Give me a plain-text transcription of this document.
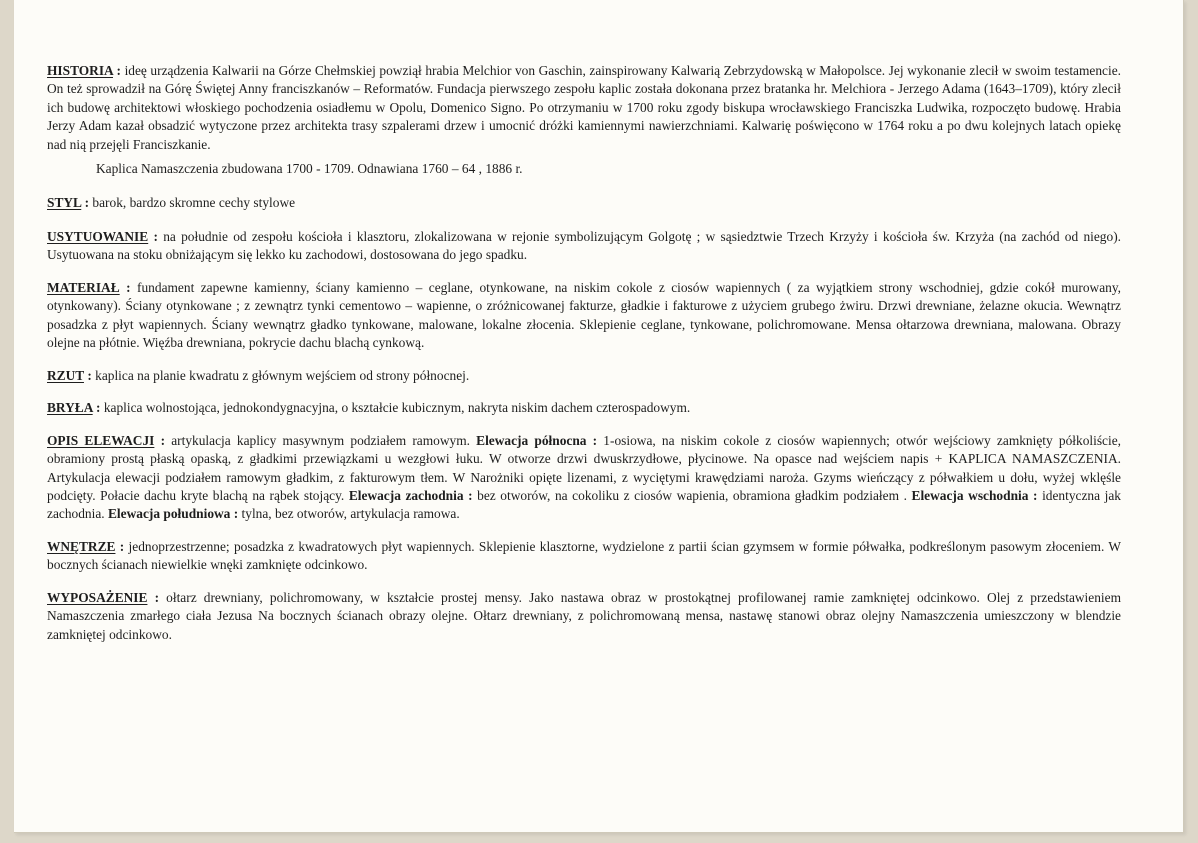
HISTORIA : ideę urządzenia Kalwarii na Górze Chełmskiej powziął hrabia Melchior von Gaschin, zainspirowany Kalwarią Zebrzydowską w Małopolsce. Jej wykonanie zlecił w swoim testamencie. On też sprowadził na Górę Świętej Anny franciszkanów – Reformatów. Fundacja pierwszego zespołu kaplic została dokonana przez bratanka hr. Melchiora - Jerzego Adama (1643–1709), który zlecił ich budowę architektowi włoskiego pochodzenia osiadłemu w Opolu, Domenico Signo. Po otrzymaniu w 1700 roku zgody biskupa wrocławskiego Franciszka Ludwika, rozpoczęto budowę. Hrabia Jerzy Adam kazał obsadzić wytyczone przez architekta trasy szpalerami drzew i umocnić dróżki kamiennymi nawierzchniami. Kalwarię poświęcono w 1764 roku a po dwu kolejnych latach opiekę nad nią przejęli Franciszkanie.

Kaplica Namaszczenia zbudowana 1700 - 1709. Odnawiana 1760 – 64 , 1886 r.

STYL : barok, bardzo skromne cechy stylowe

USYTUOWANIE : na południe od zespołu kościoła i klasztoru, zlokalizowana w rejonie symbolizującym Golgotę ; w sąsiedztwie Trzech Krzyży i kościoła św. Krzyża (na zachód od niego). Usytuowana na stoku obniżającym się lekko ku zachodowi, dostosowana do jego spadku.

MATERIAŁ : fundament zapewne kamienny, ściany kamienno – ceglane, otynkowane, na niskim cokole z ciosów wapiennych ( za wyjątkiem strony wschodniej, gdzie cokół murowany, otynkowany). Ściany otynkowane ; z zewnątrz tynki cementowo – wapienne, o zróżnicowanej fakturze, gładkie i fakturowe z użyciem grubego żwiru. Drzwi drewniane, żelazne okucia. Wewnątrz posadzka z płyt wapiennych. Ściany wewnątrz gładko tynkowane, malowane, lokalne złocenia. Sklepienie ceglane, tynkowane, polichromowane. Mensa ołtarzowa drewniana, malowana. Obrazy olejne na płótnie. Więźba drewniana, pokrycie dachu blachą cynkową.

RZUT : kaplica na planie kwadratu z głównym wejściem od strony północnej.

BRYŁA : kaplica wolnostojąca, jednokondygnacyjna, o kształcie kubicznym, nakryta niskim dachem czterospadowym.

OPIS ELEWACJI : artykulacja kaplicy masywnym podziałem ramowym. Elewacja północna : 1-osiowa, na niskim cokole z ciosów wapiennych; otwór wejściowy zamknięty półkoliście, obramiony prostą płaską opaską, z gładkimi przewiązkami u wezgłowi łuku. W otworze drzwi dwuskrzydłowe, płycinowe. Na opasce nad wejściem napis + KAPLICA NAMASZCZENIA. Artykulacja elewacji podziałem ramowym gładkim, z fakturowym tłem. W Narożniki opięte lizenami, z wyciętymi krawędziami naroża. Gzyms wieńczący z półwałkiem u dołu, wyżej wklęśle podcięty. Połacie dachu kryte blachą na rąbek stojący. Elewacja zachodnia : bez otworów, na cokoliku z ciosów wapienia, obramiona gładkim podziałem . Elewacja wschodnia : identyczna jak zachodnia. Elewacja południowa : tylna, bez otworów, artykulacja ramowa.

WNĘTRZE : jednoprzestrzenne; posadzka z kwadratowych płyt wapiennych. Sklepienie klasztorne, wydzielone z partii ścian gzymsem w formie półwałka, podkreślonym pasowym złoceniem. W bocznych ścianach niewielkie wnęki zamknięte odcinkowo.

WYPOSAŻENIE : ołtarz drewniany, polichromowany, w kształcie prostej mensy. Jako nastawa obraz w prostokątnej profilowanej ramie zamkniętej odcinkowo. Olej z przedstawieniem Namaszczenia zmarłego ciała Jezusa Na bocznych ścianach obrazy olejne. Ołtarz drewniany, z polichromowaną mensa, nastawę stanowi obraz olejny Namaszczenia umieszczony w blendzie zamkniętej odcinkowo.
